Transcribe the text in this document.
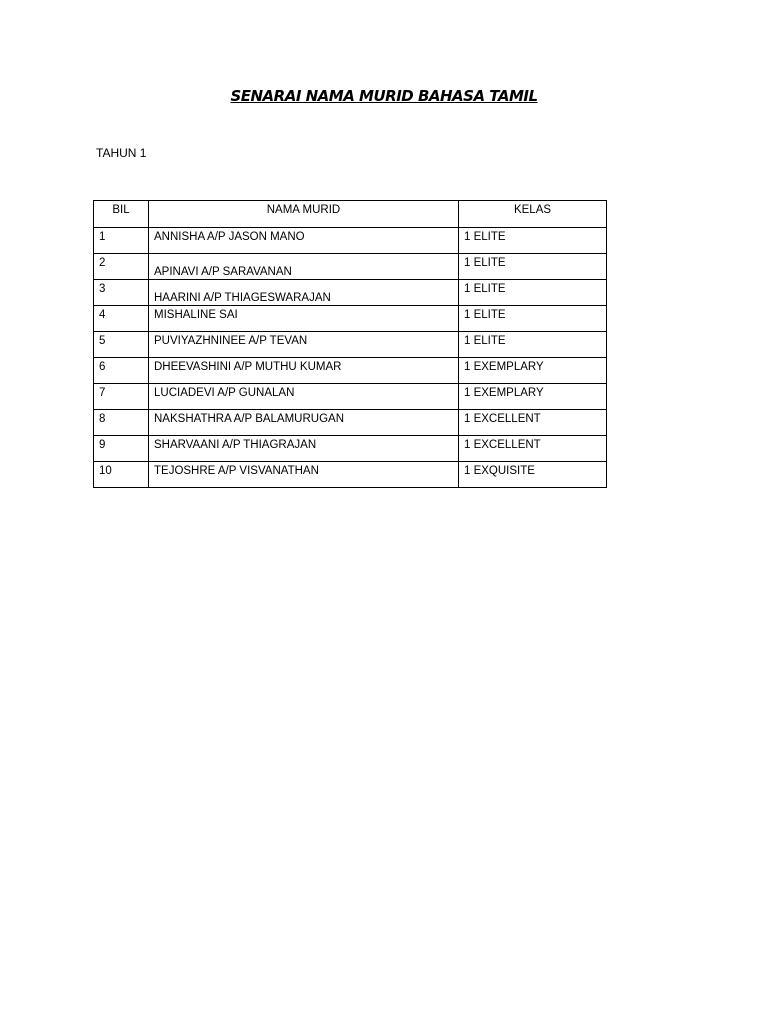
SENARAI NAMA MURID BAHASA TAMIL
TAHUN 1
BIL	NAMA MURID	KELAS
1	ANNISHA A/P JASON MANO	1 ELITE
2	APINAVI A/P SARAVANAN	1 ELITE
3	HAARINI A/P THIAGESWARAJAN	1 ELITE
4	MISHALINE SAI	1 ELITE
5	PUVIYAZHNINEE A/P TEVAN	1 ELITE
6	DHEEVASHINI A/P MUTHU KUMAR	1 EXEMPLARY
7	LUCIADEVI A/P GUNALAN	1 EXEMPLARY
8	NAKSHATHRA A/P BALAMURUGAN	1 EXCELLENT
9	SHARVAANI A/P THIAGRAJAN	1 EXCELLENT
10	TEJOSHRE A/P VISVANATHAN	1 EXQUISITE
